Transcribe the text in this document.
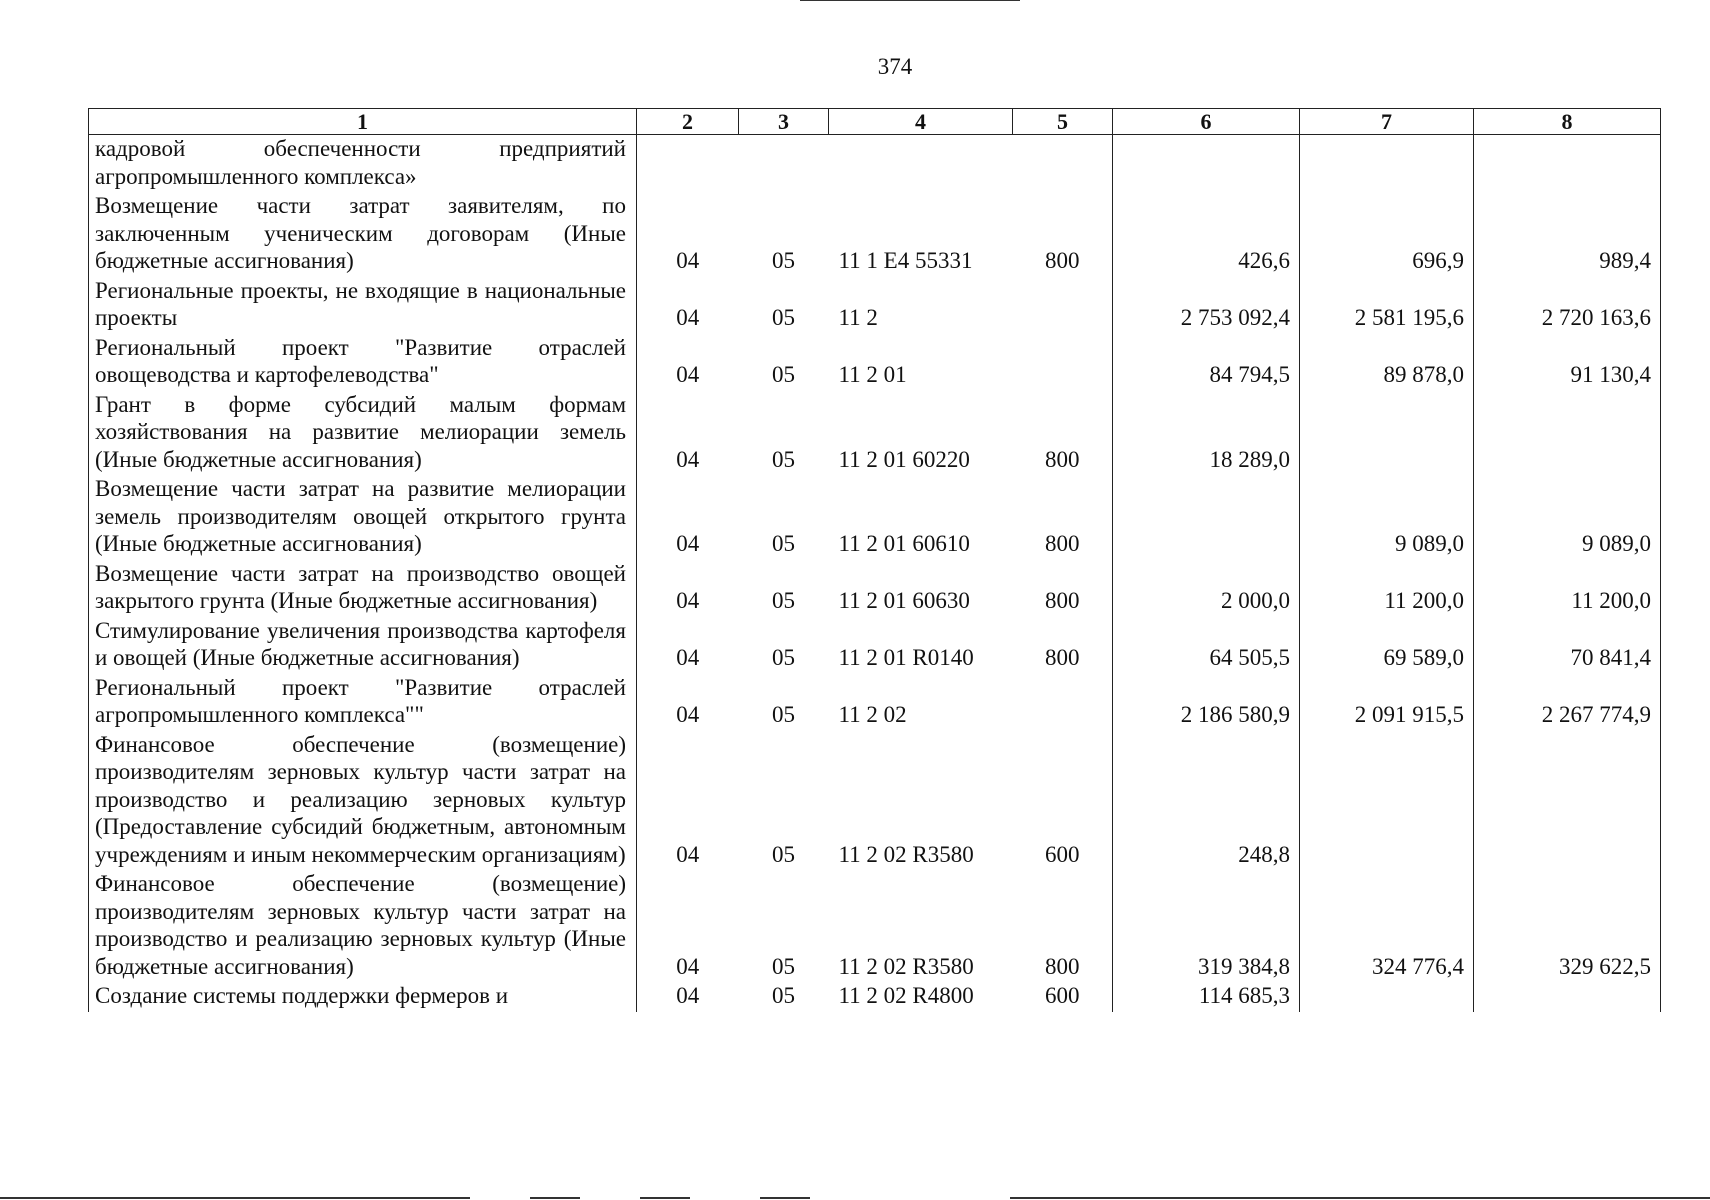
374
1	2	3	4	5	6	7	8
кадровой обеспеченности предприятий агропромышленного комплекса»							
Возмещение части затрат заявителям, по заключенным ученическим договорам (Иные бюджетные ассигнования)	04	05	11 1 E4 55331	800	426,6	696,9	989,4
Региональные проекты, не входящие в национальные проекты	04	05	11 2		2 753 092,4	2 581 195,6	2 720 163,6
Региональный проект "Развитие отраслей овощеводства и картофелеводства"	04	05	11 2 01		84 794,5	89 878,0	91 130,4
Грант в форме субсидий малым формам хозяйствования на развитие мелиорации земель (Иные бюджетные ассигнования)	04	05	11 2 01 60220	800	18 289,0		
Возмещение части затрат на развитие мелиорации земель производителям овощей открытого грунта (Иные бюджетные ассигнования)	04	05	11 2 01 60610	800		9 089,0	9 089,0
Возмещение части затрат на производство овощей закрытого грунта (Иные бюджетные ассигнования)	04	05	11 2 01 60630	800	2 000,0	11 200,0	11 200,0
Стимулирование увеличения производства картофеля и овощей (Иные бюджетные ассигнования)	04	05	11 2 01 R0140	800	64 505,5	69 589,0	70 841,4
Региональный проект "Развитие отраслей агропромышленного комплекса""	04	05	11 2 02		2 186 580,9	2 091 915,5	2 267 774,9
Финансовое обеспечение (возмещение) производителям зерновых культур части затрат на производство и реализацию зерновых культур (Предоставление субсидий бюджетным, автономным учреждениям и иным некоммерческим организациям)	04	05	11 2 02 R3580	600	248,8		
Финансовое обеспечение (возмещение) производителям зерновых культур части затрат на производство и реализацию зерновых культур (Иные бюджетные ассигнования)	04	05	11 2 02 R3580	800	319 384,8	324 776,4	329 622,5
Создание системы поддержки фермеров и	04	05	11 2 02 R4800	600	114 685,3		
